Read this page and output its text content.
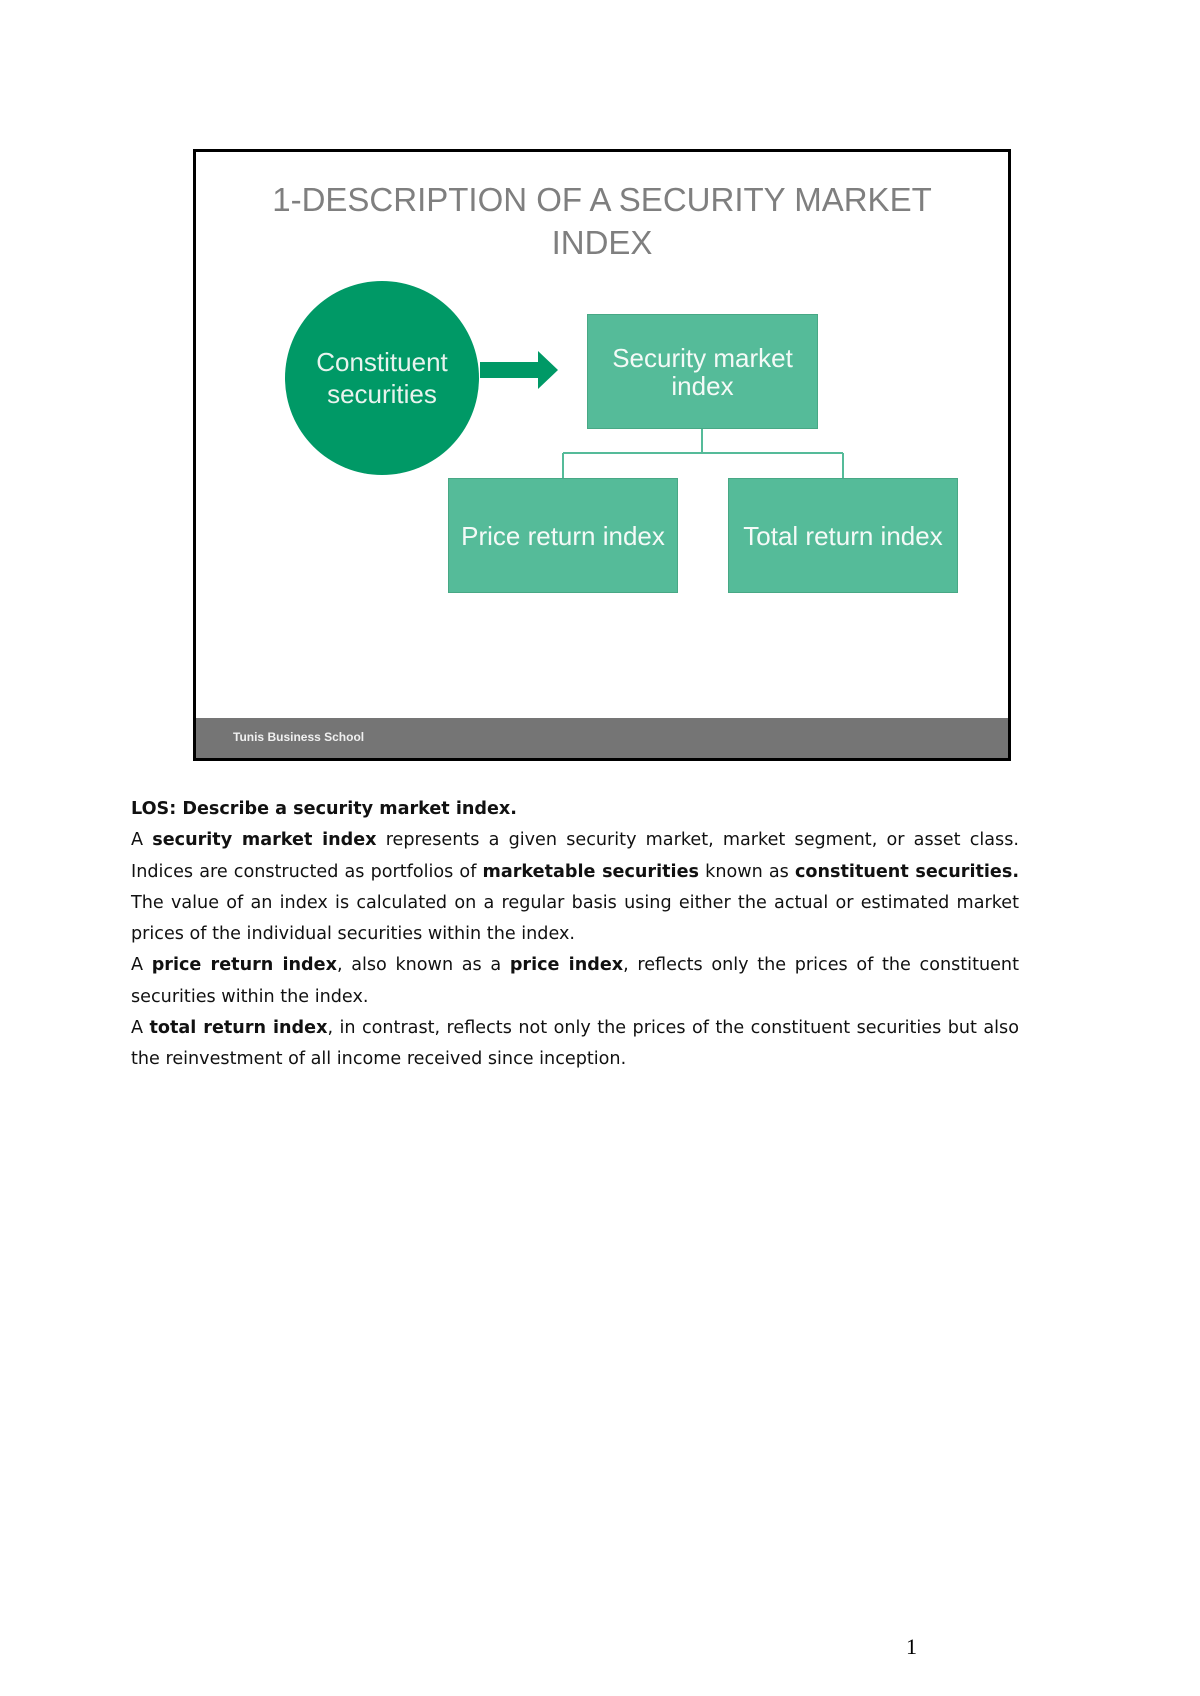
1-DESCRIPTION OF A SECURITY MARKET
INDEX
Constituent
securities
Security market
index
Price return index	Total return index
Tunis Business School

LOS: Describe a security market index.

A security market index represents a given security market, market segment, or asset class. Indices are constructed as portfolios of marketable securities known as constituent securities. The value of an index is calculated on a regular basis using either the actual or estimated market prices of the individual securities within the index.

A price return index, also known as a price index, reflects only the prices of the constituent securities within the index.

A total return index, in contrast, reflects not only the prices of the constituent securities but also the reinvestment of all income received since inception.

1
